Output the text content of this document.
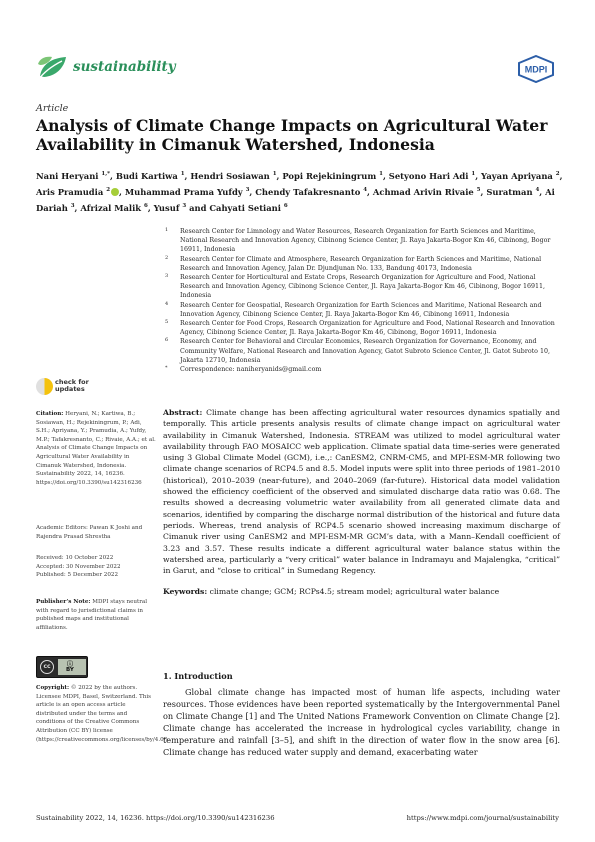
sustainability	MDPI
Article
Analysis of Climate Change Impacts on Agricultural Water Availability in Cimanuk Watershed, Indonesia
Nani Heryani $^{1,*}$, Budi Kartiwa $^1$, Hendri Sosiawan $^1$, Popi Rejekiningrum $^1$, Setyono Hari Adi $^1$, Yayan Apriyana $^2$, Aris Pramudia $^2$ , Muhammad Prama Yufdy $^3$, Chendy Tafakresnanto $^4$, Achmad Arivin Rivaie $^5$, Suratman $^4$, Ai Dariah $^3$, Afrizal Malik $^6$, Yusuf $^3$ and Cahyati Setiani $^6$
1 Research Center for Limnology and Water Resources, Research Organization for Earth Sciences and Maritime, National Research and Innovation Agency, Cibinong Science Center, Jl. Raya Jakarta-Bogor Km 46, Cibinong, Bogor 16911, Indonesia
2 Research Center for Climate and Atmosphere, Research Organization for Earth Sciences and Maritime, National Research and Innovation Agency, Jalan Dr. Djundjunan No. 133, Bandung 40173, Indonesia
3 Research Center for Horticultural and Estate Crops, Research Organization for Agriculture and Food, National Research and Innovation Agency, Cibinong Science Center, Jl. Raya Jakarta-Bogor Km 46, Cibinong, Bogor 16911, Indonesia
4 Research Center for Geospatial, Research Organization for Earth Sciences and Maritime, National Research and Innovation Agency, Cibinong Science Center, Jl. Raya Jakarta-Bogor Km 46, Cibinong 16911, Indonesia
5 Research Center for Food Crops, Research Organization for Agriculture and Food, National Research and Innovation Agency, Cibinong Science Center, Jl. Raya Jakarta-Bogor Km 46, Cibinong, Bogor 16911, Indonesia
6 Research Center for Behavioral and Circular Economics, Research Organization for Governance, Economy, and Community Welfare, National Research and Innovation Agency, Gatot Subroto Science Center, Jl. Gatot Subroto 10, Jakarta 12710, Indonesia
* Correspondence: naniheryanids@gmail.com
check for updates
Citation: Heryani, N.; Kartiwa, B.; Sosiawan, H.; Rejekiningrum, P.; Adi, S.H.; Apriyana, Y.; Pramudia, A.; Yufdy, M.P.; Tafakresnanto, C.; Rivaie, A.A.; et al. Analysis of Climate Change Impacts on Agricultural Water Availability in Cimanuk Watershed, Indonesia. Sustainability 2022, 14, 16236. https://doi.org/10.3390/su142316236
Academic Editors: Pawan K Joshi and Rajendra Prasad Shrestha
Received: 10 October 2022
Accepted: 30 November 2022
Published: 5 December 2022
Publisher’s Note: MDPI stays neutral with regard to jurisdictional claims in published maps and institutional affiliations.
cc	ⓘ
BY
Copyright: © 2022 by the authors. Licensee MDPI, Basel, Switzerland. This article is an open access article distributed under the terms and conditions of the Creative Commons Attribution (CC BY) license (https://creativecommons.org/licenses/by/4.0/).
Abstract: Climate change has been affecting agricultural water resources dynamics spatially and temporally. This article presents analysis results of climate change impact on agricultural water availability in Cimanuk Watershed, Indonesia. STREAM was utilized to model agricultural water availability through FAO MOSAICC web application. Climate spatial data time-series were generated using 3 Global Climate Model (GCM), i.e.,: CanESM2, CNRM-CM5, and MPI-ESM-MR following two climate change scenarios of RCP4.5 and 8.5. Model inputs were split into three periods of 1981–2010 (historical), 2010–2039 (near-future), and 2040–2069 (far-future). Historical data model validation showed the efficiency coefficient of the observed and simulated discharge data ratio was 0.68. The results showed a decreasing volumetric water availability from all generated climate data and scenarios, identified by comparing the discharge normal distribution of the historical and future data periods. Whereas, trend analysis of RCP4.5 scenario showed increasing maximum discharge of Cimanuk river using CanESM2 and MPI-ESM-MR GCM’s data, with a Mann–Kendall coefficient of 3.23 and 3.57. These results indicate a different agricultural water balance status within the watershed area, particularly a “very critical” water balance in Indramayu and Majalengka, “critical” in Garut, and “close to critical” in Sumedang Regency.
Keywords: climate change; GCM; RCPs4.5; stream model; agricultural water balance
1. Introduction
Global climate change has impacted most of human life aspects, including water resources. Those evidences have been reported systematically by the Intergovernmental Panel on Climate Change [1] and The United Nations Framework Convention on Climate Change [2]. Climate change has accelerated the increase in hydrological cycles variability, change in temperature and rainfall [3–5], and shift in the direction of water flow in the snow area [6]. Climate change has reduced water supply and demand, exacerbating water
Sustainability 2022, 14, 16236. https://doi.org/10.3390/su142316236	https://www.mdpi.com/journal/sustainability
